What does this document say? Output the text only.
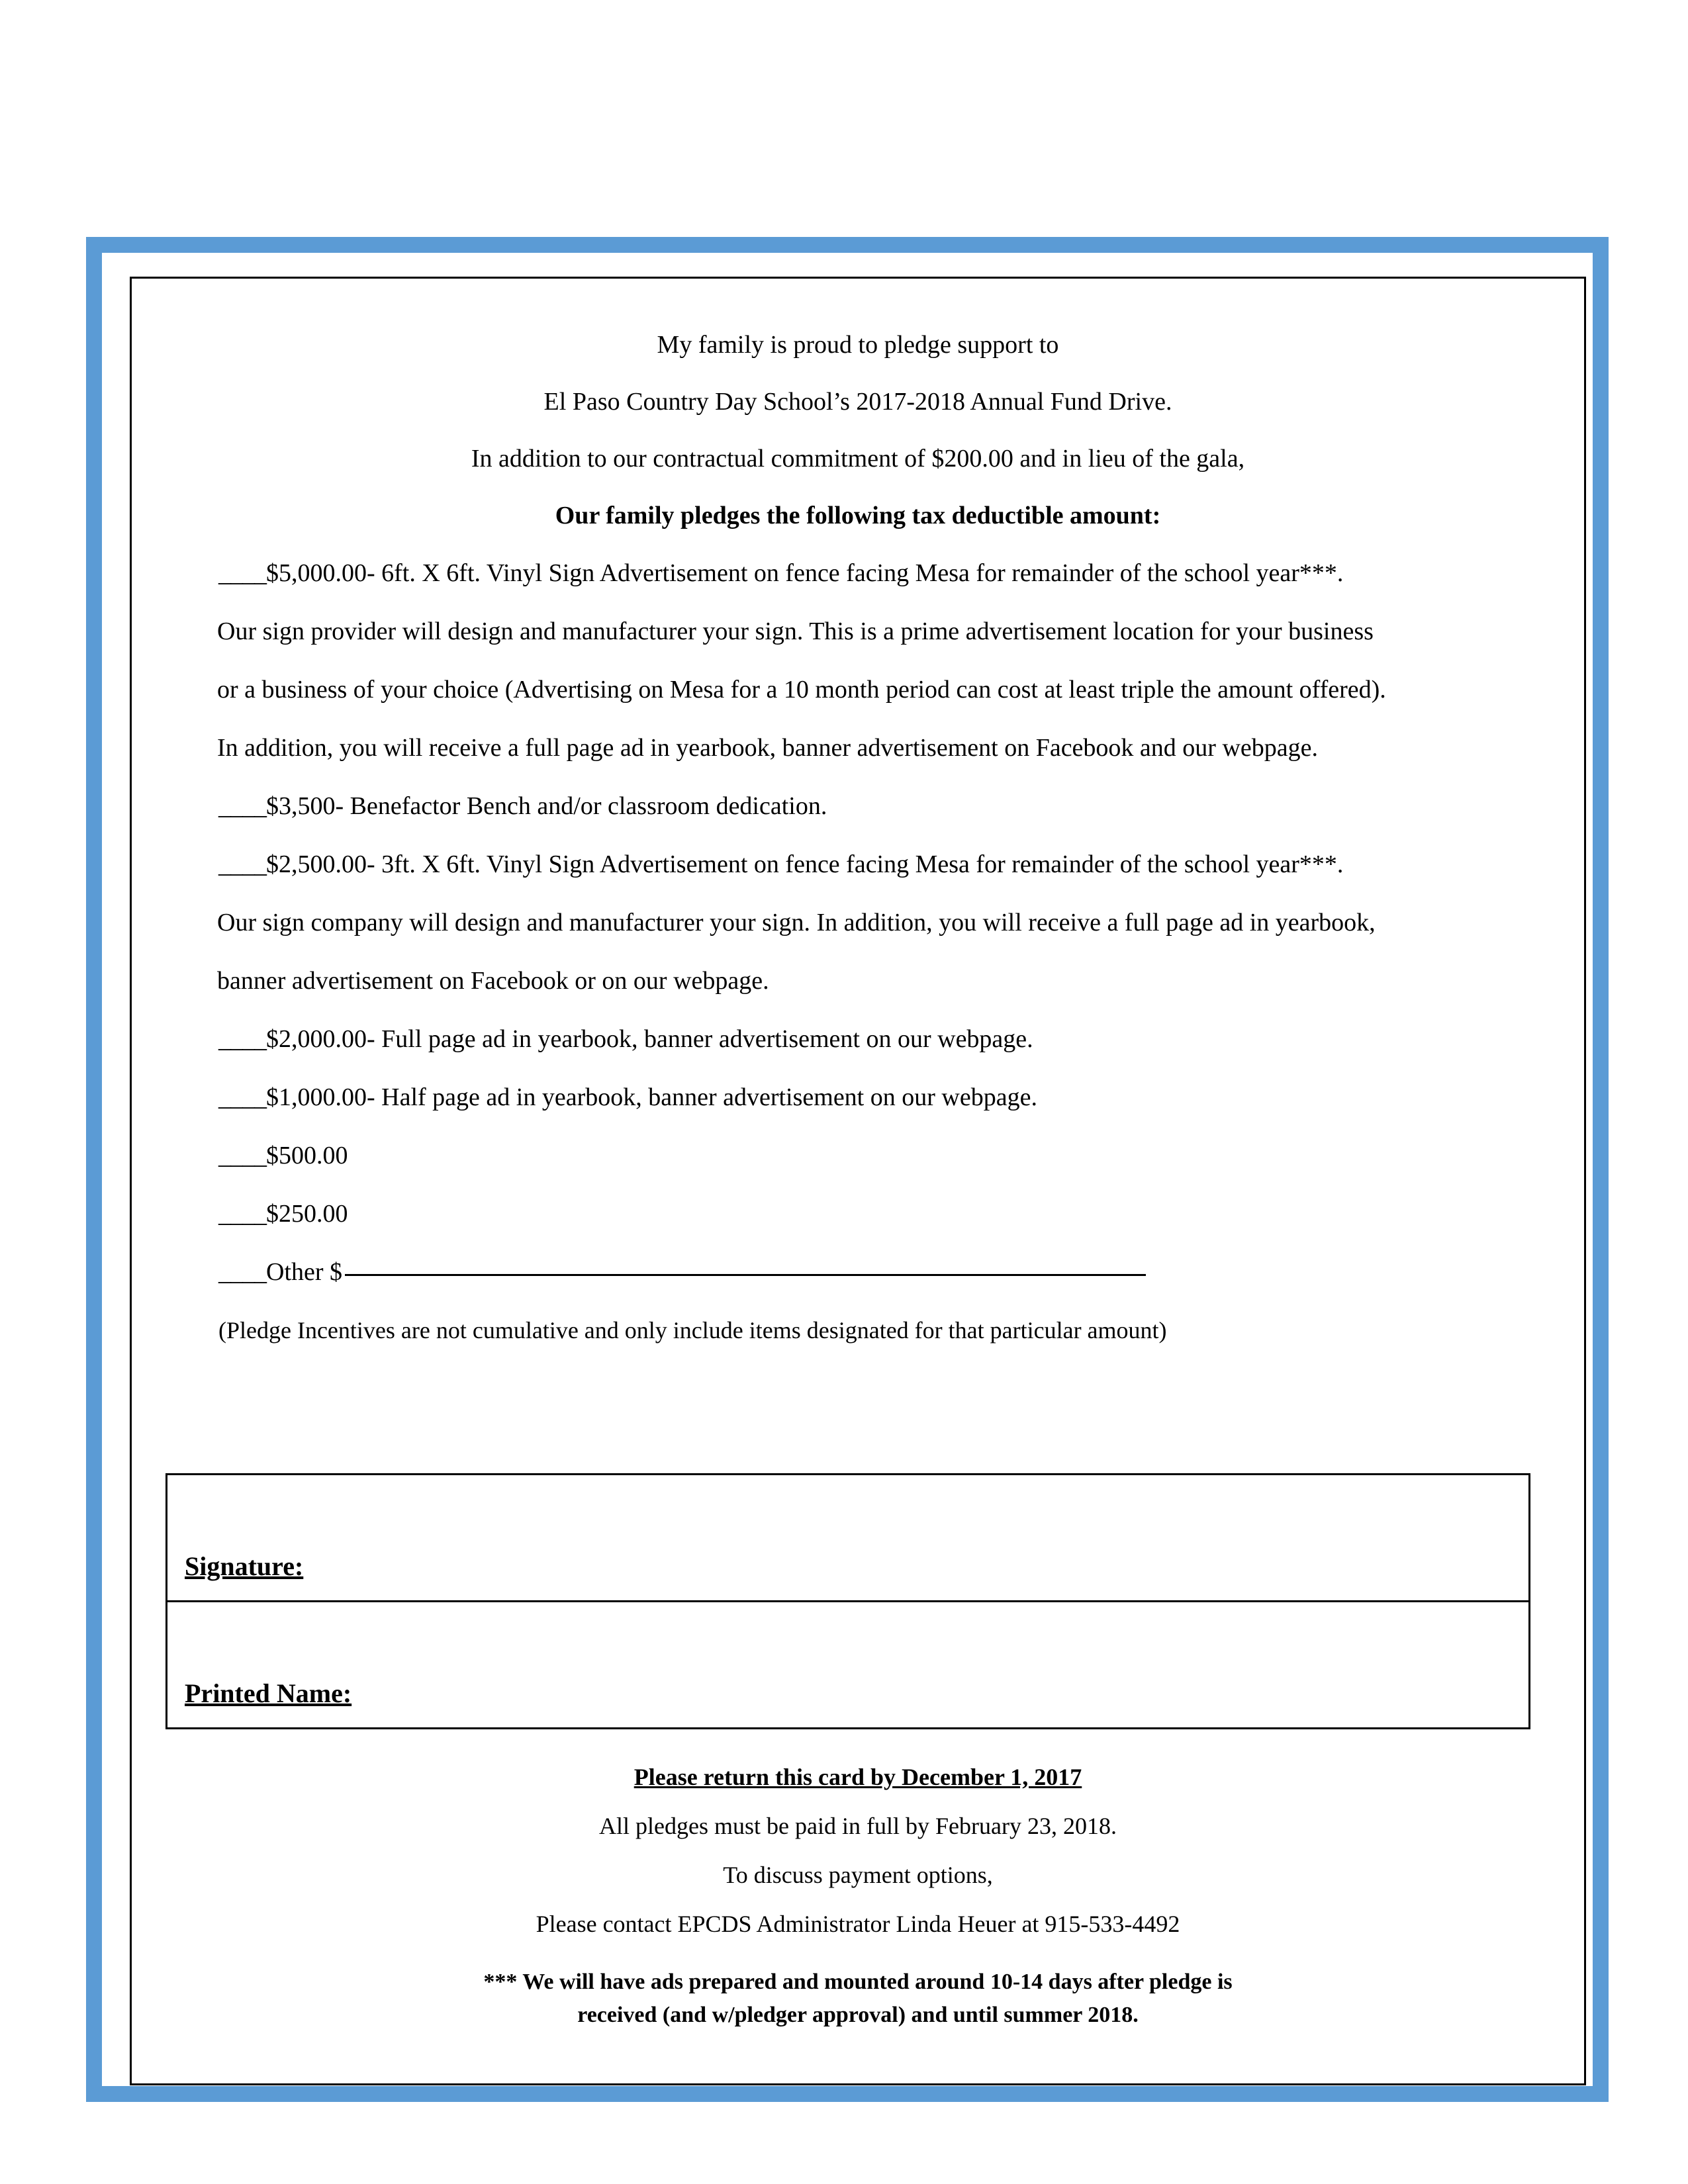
My family is proud to pledge support to
El Paso Country Day School’s 2017-2018 Annual Fund Drive.
In addition to our contractual commitment of $200.00 and in lieu of the gala,
Our family pledges the following tax deductible amount:
____$5,000.00- 6ft. X 6ft. Vinyl Sign Advertisement on fence facing Mesa for remainder of the school year***.
Our sign provider will design and manufacturer your sign. This is a prime advertisement location for your business
or a business of your choice (Advertising on Mesa for a 10 month period can cost at least triple the amount offered).
In addition, you will receive a full page ad in yearbook, banner advertisement on Facebook and our webpage.
____$3,500- Benefactor Bench and/or classroom dedication.
____$2,500.00- 3ft. X 6ft. Vinyl Sign Advertisement on fence facing Mesa for remainder of the school year***.
Our sign company will design and manufacturer your sign. In addition, you will receive a full page ad in yearbook,
banner advertisement on Facebook or on our webpage.
____$2,000.00- Full page ad in yearbook, banner advertisement on our webpage.
____$1,000.00- Half page ad in yearbook, banner advertisement on our webpage.
____$500.00
____$250.00
____Other $
(Pledge Incentives are not cumulative and only include items designated for that particular amount)
Signature:
Printed Name:
Please return this card by December 1, 2017
All pledges must be paid in full by February 23, 2018.
To discuss payment options,
Please contact EPCDS Administrator Linda Heuer at 915-533-4492
*** We will have ads prepared and mounted around 10-14 days after pledge is
received (and w/pledger approval) and until summer 2018.
